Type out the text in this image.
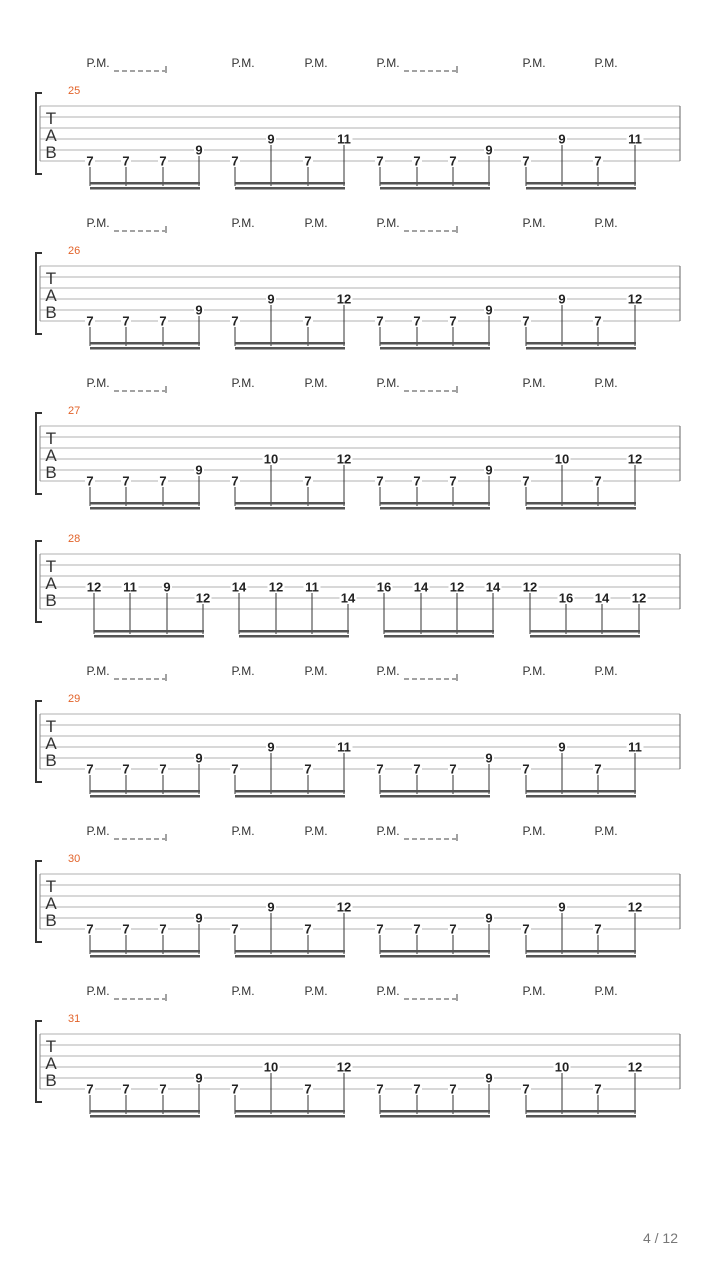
P.M.	P.M.	P.M.	P.M.	P.M.	P.M.
25
T
A
B 7 7 7
9
7
9
7
11
7 7 7
9
7
9
7
11
P.M.	P.M.	P.M.	P.M.	P.M.	P.M.
26
T
A
B 7 7 7
9
7
9
7
12
7 7 7
9
7
9
7
12
P.M.	P.M.	P.M.	P.M.	P.M.	P.M.
27
T
A
B 7 7 7
9
7
10
7
12
7 7 7
9
7
10
7
12
28
T
A
B
12 11 9
12
14 12 11
14
16 14 12 14 12
16 14 12
P.M.	P.M.	P.M.	P.M.	P.M.	P.M.
29
T
A
B 7 7 7
9
7
9
7
11
7 7 7
9
7
9
7
11
P.M.	P.M.	P.M.	P.M.	P.M.	P.M.
30
T
A
B 7 7 7
9
7
9
7
12
7 7 7
9
7
9
7
12
P.M.	P.M.	P.M.	P.M.	P.M.	P.M.
31
T
A
B 7 7 7
9
7
10
7
12
7 7 7
9
7
10
7
12
4 / 12
